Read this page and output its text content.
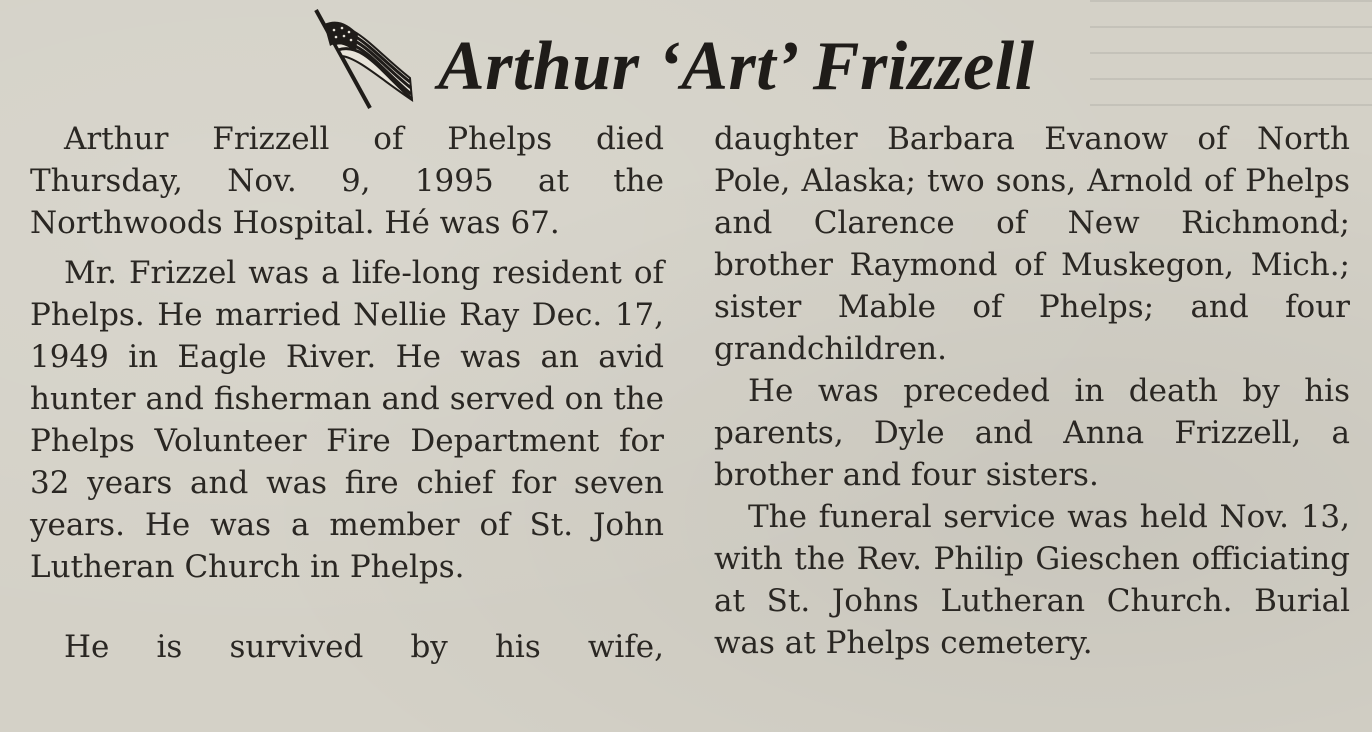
Arthur ‘Art’ Frizzell

Arthur Frizzell of Phelps died Thursday, Nov. 9, 1995 at the Northwoods Hospital. Hé was 67.

Mr. Frizzel was a life-long resident of Phelps. He married Nellie Ray Dec. 17, 1949 in Eagle River. He was an avid hunter and fisherman and served on the Phelps Volunteer Fire Department for 32 years and was fire chief for seven years. He was a member of St. John Lutheran Church in Phelps.

He is survived by his wife,

daughter Barbara Evanow of North Pole, Alaska; two sons, Arnold of Phelps and Clarence of New Richmond; brother Raymond of Muskegon, Mich.; sister Mable of Phelps; and four grandchildren.

He was preceded in death by his parents, Dyle and Anna Frizzell, a brother and four sisters.

The funeral service was held Nov. 13, with the Rev. Philip Gieschen officiating at St. Johns Lutheran Church. Burial was at Phelps cemetery.
